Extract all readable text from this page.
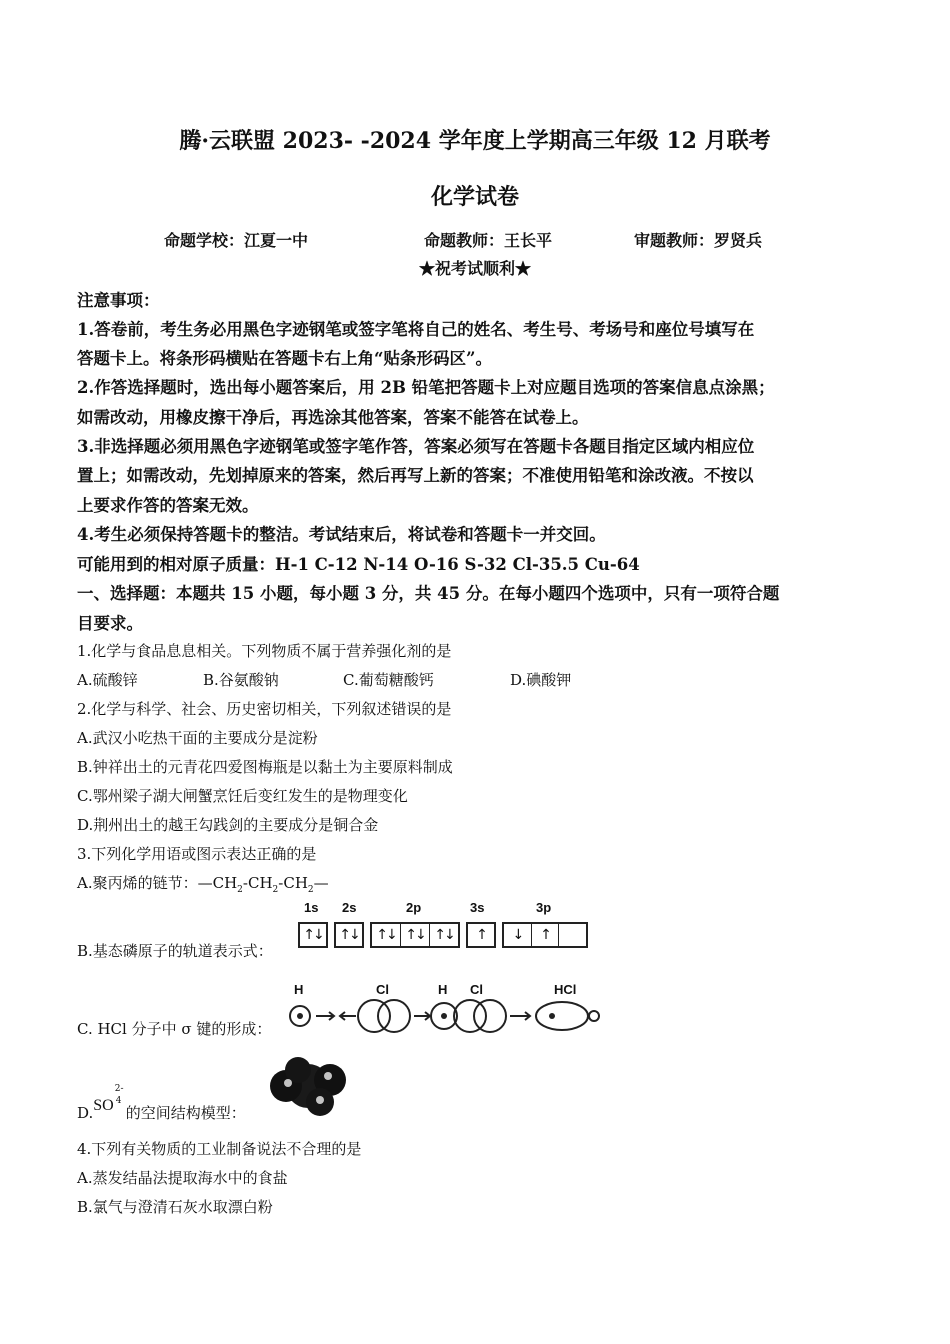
腾·云联盟 2023- -2024 学年度上学期高三年级 12 月联考
化学试卷
命题学校：江夏一中	命题教师：王长平	审题教师：罗贤兵
★祝考试顺利★
注意事项：
1.答卷前，考生务必用黑色字迹钢笔或签字笔将自己的姓名、考生号、考场号和座位号填写在
答题卡上。将条形码横贴在答题卡右上角“贴条形码区”。
2.作答选择题时，选出每小题答案后，用 2B 铅笔把答题卡上对应题目选项的答案信息点涂黑；
如需改动，用橡皮擦干净后，再选涂其他答案，答案不能答在试卷上。
3.非选择题必须用黑色字迹钢笔或签字笔作答，答案必须写在答题卡各题目指定区域内相应位
置上；如需改动，先划掉原来的答案，然后再写上新的答案；不准使用铅笔和涂改液。不按以
上要求作答的答案无效。
4.考生必须保持答题卡的整洁。考试结束后，将试卷和答题卡一并交回。
可能用到的相对原子质量：H-1 C-12 N-14 O-16 S-32 Cl-35.5 Cu-64
一、选择题：本题共 15 小题，每小题 3 分，共 45 分。在每小题四个选项中，只有一项符合题
目要求。
1.化学与食品息息相关。下列物质不属于营养强化剂的是
A.硫酸锌	B.谷氨酸钠	C.葡萄糖酸钙	D.碘酸钾
2.化学与科学、社会、历史密切相关，下列叙述错误的是
A.武汉小吃热干面的主要成分是淀粉
B.钟祥出土的元青花四爱图梅瓶是以黏土为主要原料制成
C.鄂州梁子湖大闸蟹烹饪后变红发生的是物理变化
D.荆州出土的越王勾践剑的主要成分是铜合金
3.下列化学用语或图示表达正确的是
A.聚丙烯的链节：$—CH_2-CH_2-CH_2—$
B.基态磷原子的轨道表示式：
1s 2s	2p	3s	3p
↑↓ ↑↓	↑↓ ↑↓ ↑↓	↑	↓	↑
C. HCl 分子中 σ 键的形成：
H	Cl	H Cl	HCl
D.SO
2-
4
的空间结构模型：
4.下列有关物质的工业制备说法不合理的是
A.蒸发结晶法提取海水中的食盐
B.氯气与澄清石灰水取漂白粉
